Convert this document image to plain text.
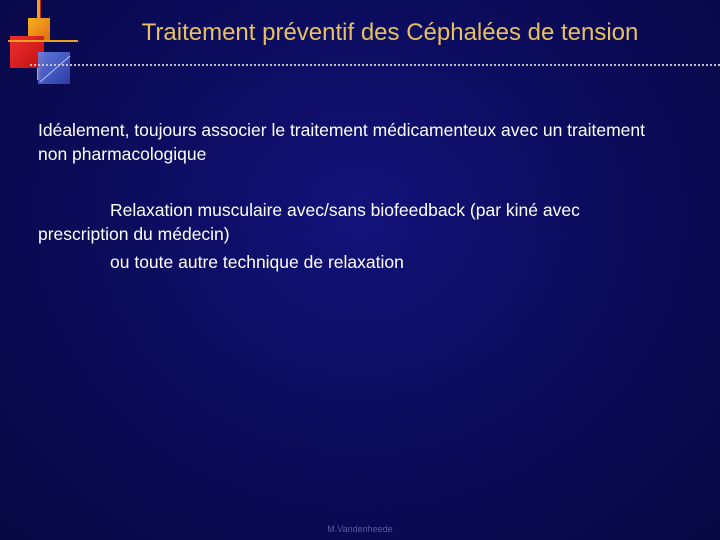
Traitement préventif des Céphalées de tension
Idéalement, toujours associer le traitement médicamenteux avec un traitement non pharmacologique
Relaxation musculaire avec/sans biofeedback (par kiné avec prescription du médecin)
ou toute autre technique de relaxation
M.Vandenheede
